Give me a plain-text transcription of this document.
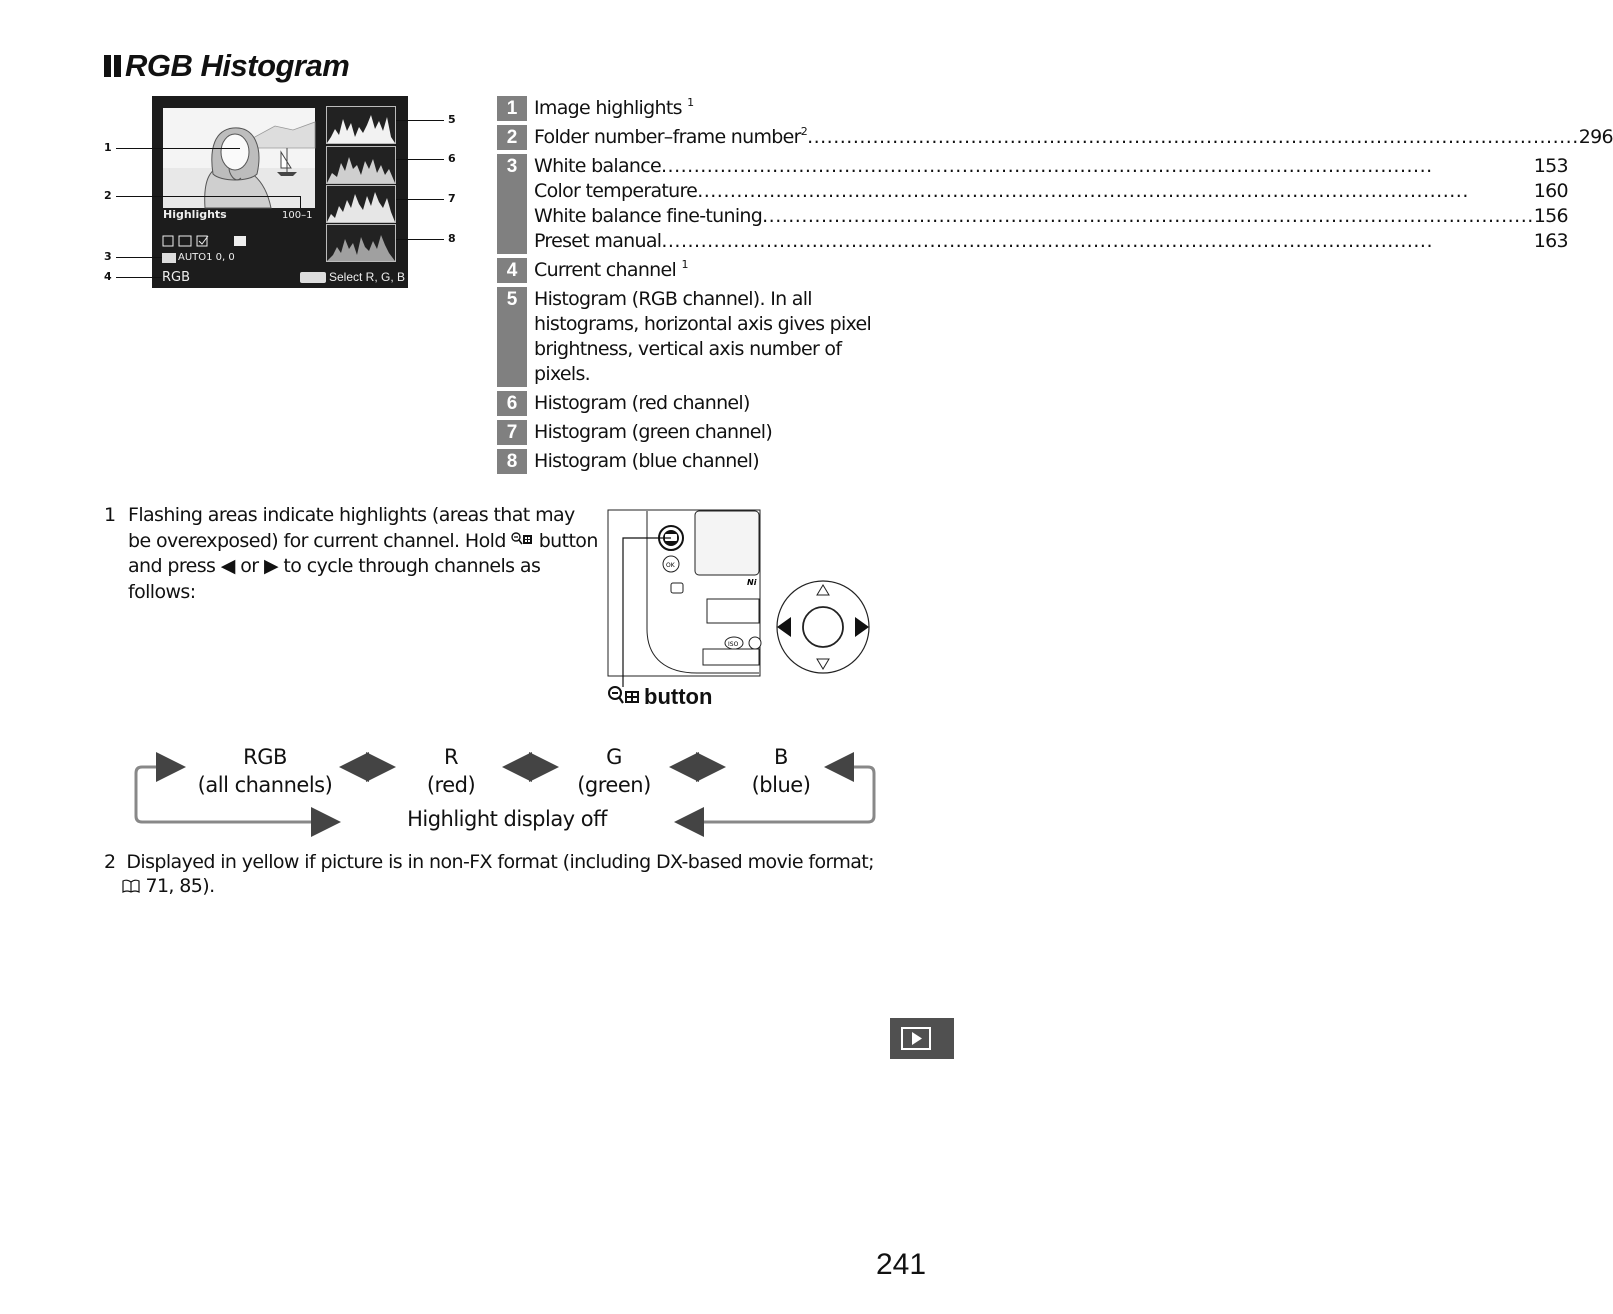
RGB Histogram
Highlights	100–1
AUTO1 0, 0
RGB	Select R, G, B
1
2
3
4
5
6
7
8
1 Image highlights $^1$
2 Folder number–frame number 2 .....	296
3 White balance .....	153
Color temperature .....	160
White balance fine-tuning .....	156
Preset manual .....	163
4 Current channel $^1$
5 Histogram (RGB channel). In all histograms, horizontal axis gives pixel brightness, vertical axis number of pixels.
6 Histogram (red channel)
7 Histogram (green channel)
8 Histogram (blue channel)
1 Flashing areas indicate highlights (areas that may be overexposed) for current channel. Hold button and press ◀ or ▶ to cycle through channels as follows:
ISO
OK
Ni
button
RGB
(all channels)
R
(red)
G
(green)
B
(blue)
Highlight display off
2 Displayed in yellow if picture is in non-FX format (including DX-based movie format;
71, 85).
241
